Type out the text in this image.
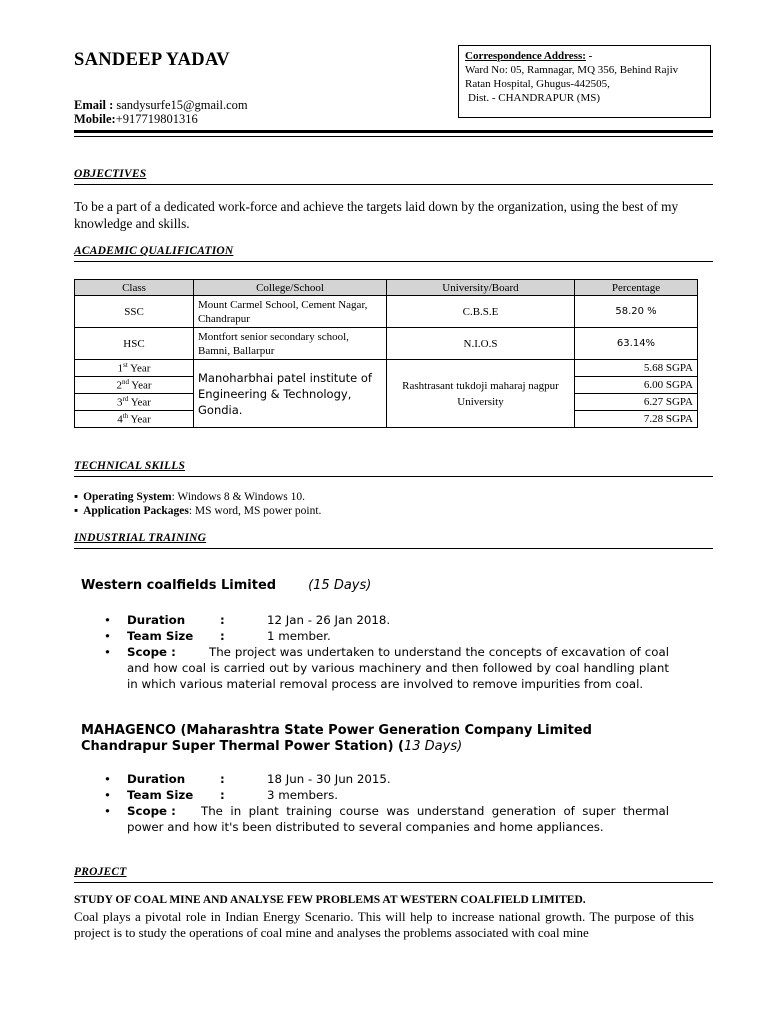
SANDEEP YADAV
Email : sandysurfe15@gmail.com
Mobile:+917719801316
Correspondence Address: -
Ward No: 05, Ramnagar, MQ 356, Behind Rajiv
Ratan Hospital, Ghugus-442505,
Dist. - CHANDRAPUR (MS)
OBJECTIVES
To be a part of a dedicated work-force and achieve the targets laid down by the organization, using the best of my knowledge and skills.
ACADEMIC QUALIFICATION
Class	College/School	University/Board	Percentage
SSC	Mount Carmel School, Cement Nagar, Chandrapur	C.B.S.E	58.20 %
HSC	Montfort senior secondary school, Bamni, Ballarpur	N.I.O.S	63.14%
1st Year	Manoharbhai patel institute of Engineering & Technology, Gondia.	Rashtrasant tukdoji maharaj nagpur University	5.68 SGPA
2nd Year			6.00 SGPA
3rd Year			6.27 SGPA
4th Year			7.28 SGPA
TECHNICAL SKILLS
▪ Operating System: Windows 8 & Windows 10.
▪ Application Packages: MS word, MS power point.
INDUSTRIAL TRAINING
Western coalfields Limited (15 Days)
• Duration	:	12 Jan - 26 Jan 2018.
• Team Size :	1 member.
• Scope :	The project was undertaken to understand the concepts of excavation of coal and how coal is carried out by various machinery and then followed by coal handling plant in which various material removal process are involved to remove impurities from coal.
MAHAGENCO (Maharashtra State Power Generation Company Limited Chandrapur Super Thermal Power Station) (13 Days)
• Duration	:	18 Jun - 30 Jun 2015.
• Team Size :	3 members.
• Scope : The in plant training course was understand generation of super thermal power and how it's been distributed to several companies and home appliances.
PROJECT
STUDY OF COAL MINE AND ANALYSE FEW PROBLEMS AT WESTERN COALFIELD LIMITED.
Coal plays a pivotal role in Indian Energy Scenario. This will help to increase national growth. The purpose of this project is to study the operations of coal mine and analyses the problems associated with coal mine
